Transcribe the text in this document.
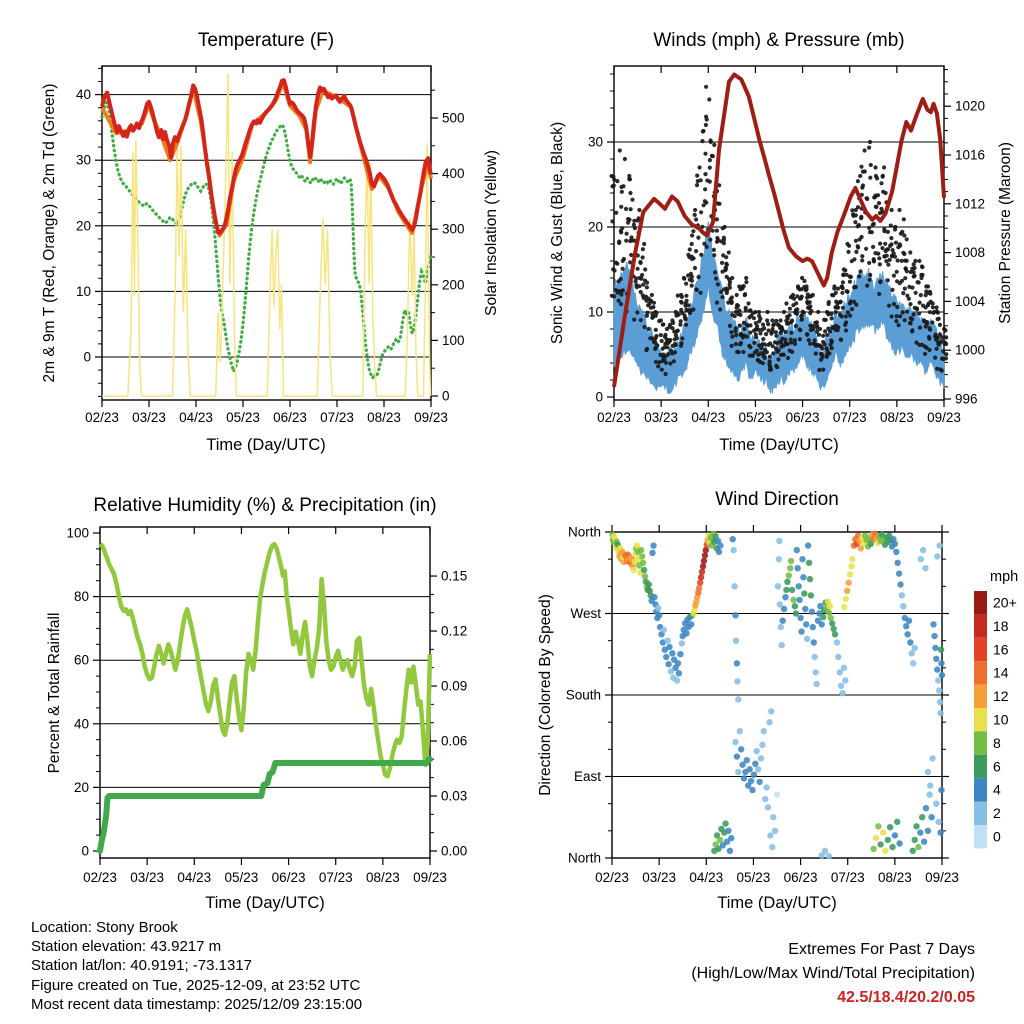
02/23 03/23 04/23 05/23 06/23 07/23 08/23 09/23
0
10
20
30
40
0
100
200
300
400
500
02/23 03/23 04/23 05/23 06/23 07/23 08/23 09/23
0
10
20
30
996
1000
1004
1008
1012
1016
1020
02/23 03/23 04/23 05/23 06/23 07/23 08/23 09/23
0
20
40
60
80
100
0.00
0.03
0.06
0.09
0.12
0.15
02/23 03/23 04/23 05/23 06/23 07/23 08/23 09/23
North
West
South
East
North
20+
18
16
14
12
10
8
6
4
2
0
Temperature (F)	Winds (mph) & Pressure (mb)
Relative Humidity (%) & Precipitation (in)	Wind Direction
2m & 9m T (Red, Orange) & 2m Td (Green)	Solar Insolation (Yellow)	Sonic Wind & Gust (Blue, Black)	Station Pressure (Maroon)
Percent & Total Rainfall	Direction (Colored By Speed)
Time (Day/UTC)	Time (Day/UTC)
Time (Day/UTC)	Time (Day/UTC)
mph
Location: Stony Brook
Station elevation: 43.9217 m
Station lat/lon: 40.9191; -73.1317
Figure created on Tue, 2025-12-09, at 23:52 UTC
Most recent data timestamp: 2025/12/09 23:15:00
Extremes For Past 7 Days
(High/Low/Max Wind/Total Precipitation)
42.5/18.4/20.2/0.05
